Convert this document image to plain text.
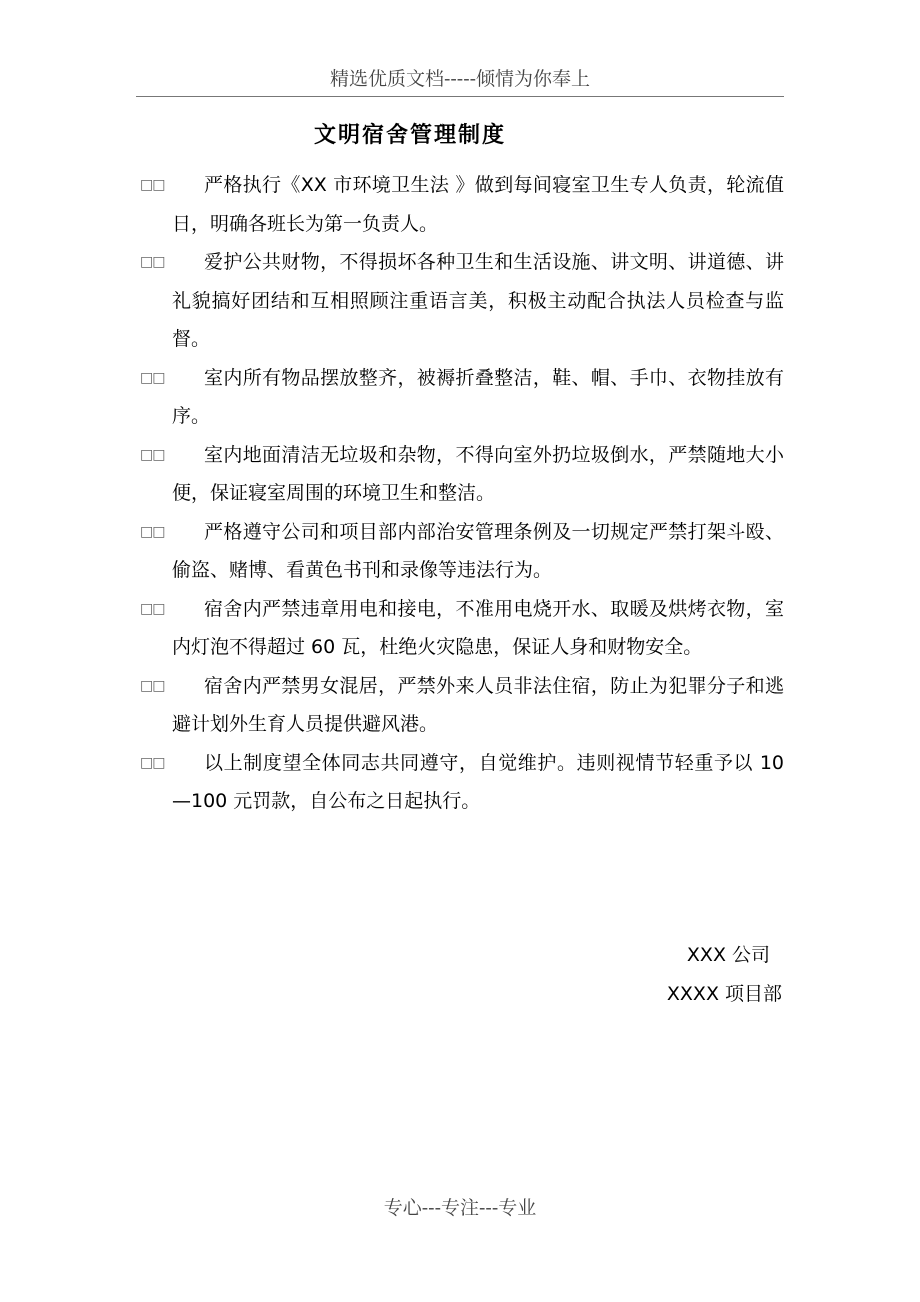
精选优质文档-----倾情为你奉上
文明宿舍管理制度
□□	严格执行《XX 市环境卫生法 》做到每间寝室卫生专人负责，轮流值日，明确各班长为第一负责人。
□□	爱护公共财物，不得损坏各种卫生和生活设施、讲文明、讲道德、讲礼貌搞好团结和互相照顾注重语言美，积极主动配合执法人员检查与监督。
□□	室内所有物品摆放整齐，被褥折叠整洁，鞋、帽、手巾、衣物挂放有序。
□□	室内地面清洁无垃圾和杂物，不得向室外扔垃圾倒水，严禁随地大小便，保证寝室周围的环境卫生和整洁。
□□	严格遵守公司和项目部内部治安管理条例及一切规定严禁打架斗殴、偷盗、赌博、看黄色书刊和录像等违法行为。
□□	宿舍内严禁违章用电和接电，不准用电烧开水、取暖及烘烤衣物，室内灯泡不得超过 60 瓦，杜绝火灾隐患，保证人身和财物安全。
□□	宿舍内严禁男女混居，严禁外来人员非法住宿，防止为犯罪分子和逃避计划外生育人员提供避风港。
□□	以上制度望全体同志共同遵守，自觉维护。违则视情节轻重予以 10—100 元罚款，自公布之日起执行。
XXX 公司
XXXX 项目部
专心---专注---专业
